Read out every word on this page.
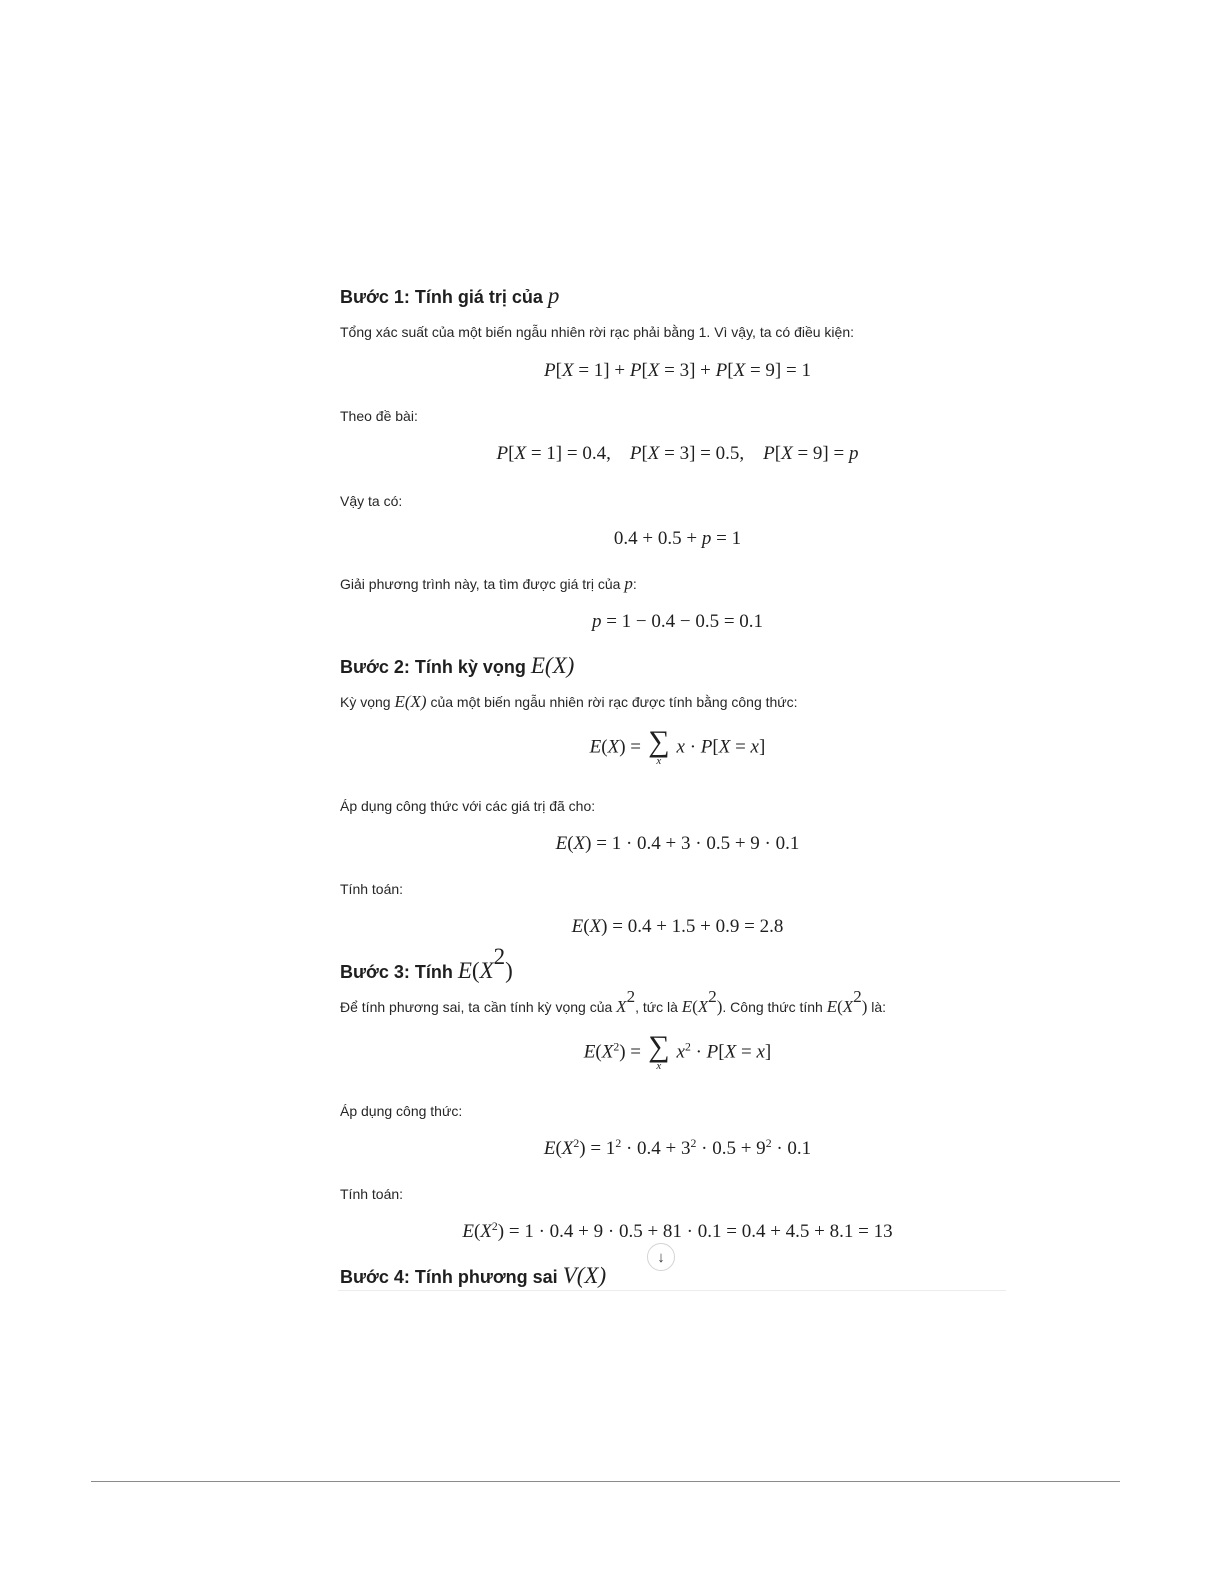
Bước 1: Tính giá trị của p

Tổng xác suất của một biến ngẫu nhiên rời rạc phải bằng 1. Vì vậy, ta có điều kiện:

P[X = 1] + P[X = 3] + P[X = 9] = 1

Theo đề bài:

P[X = 1] = 0.4,    P[X = 3] = 0.5,    P[X = 9] = p

Vậy ta có:

0.4 + 0.5 + p = 1

Giải phương trình này, ta tìm được giá trị của p:

p = 1 − 0.4 − 0.5 = 0.1
Bước 2: Tính kỳ vọng E(X)

Kỳ vọng E(X) của một biến ngẫu nhiên rời rạc được tính bằng công thức:

E(X) = ∑
x
x · P[X = x]

Áp dụng công thức với các giá trị đã cho:

E(X) = 1 · 0.4 + 3 · 0.5 + 9 · 0.1

Tính toán:

E(X) = 0.4 + 1.5 + 0.9 = 2.8
Bước 3: Tính $E(X^2)$

Để tính phương sai, ta cần tính kỳ vọng của $X^2$, tức là $E(X^2)$. Công thức tính $E(X^2)$ là:

$E(X^2)$ = ∑
x
$x^2 \cdot P[X = x]$

Áp dụng công thức:

$E(X^2) = 1^2 \cdot 0.4 + 3^2 \cdot 0.5 + 9^2 \cdot 0.1$

Tính toán:

$E(X^2) = 1 \cdot 0.4 + 9 \cdot 0.5 + 81 \cdot 0.1 = 0.4 + 4.5 + 8.1 = 13$
Bước 4: Tính phương sai V(X)
↓
